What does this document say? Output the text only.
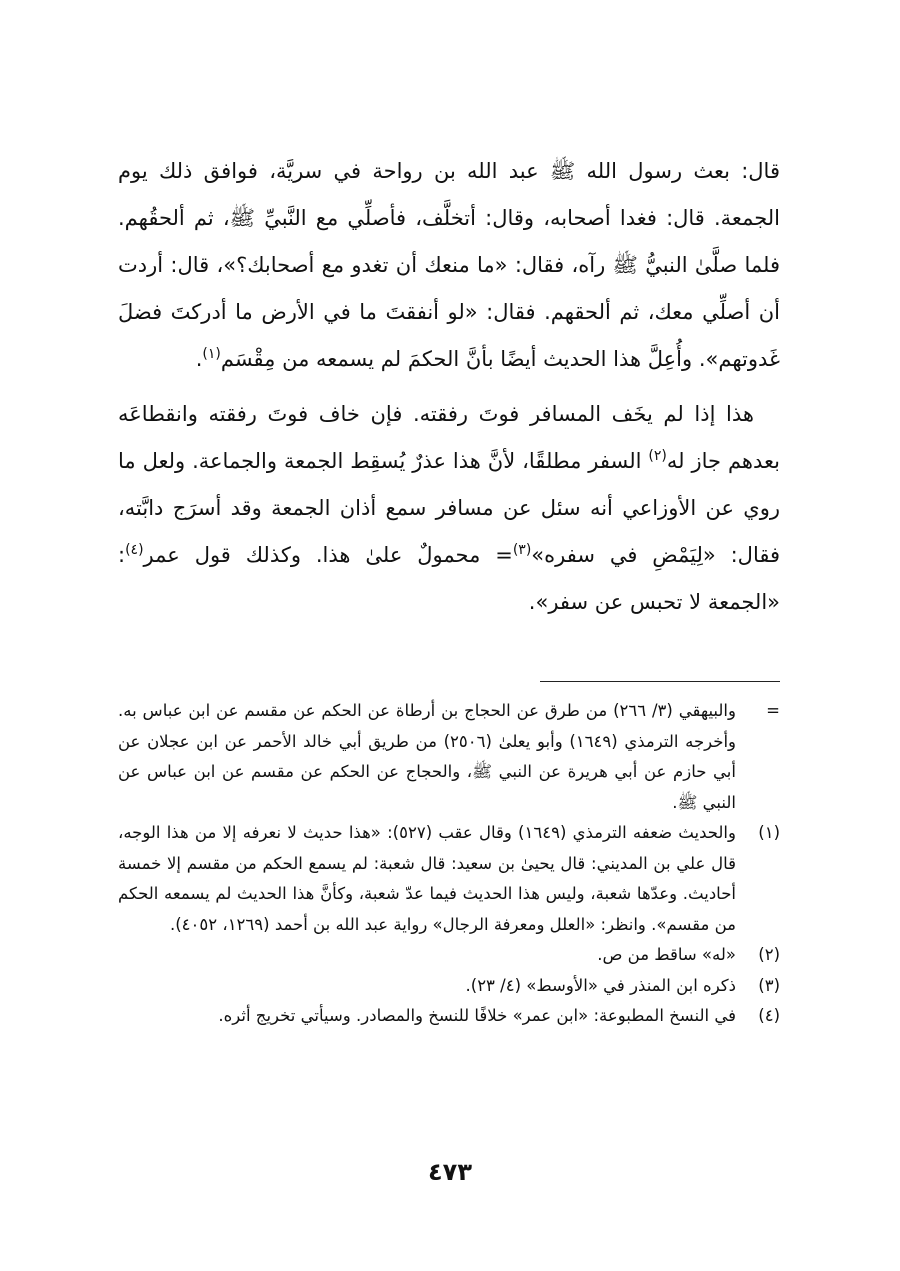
قال: بعث رسول الله ﷺ عبد الله بن رواحة في سريَّة، فوافق ذلك يوم الجمعة. قال: فغدا أصحابه، وقال: أتخلَّف، فأصلِّي مع النَّبيِّ ﷺ، ثم ألحقُهم. فلما صلَّىٰ النبيُّ ﷺ رآه، فقال: «ما منعك أن تغدو مع أصحابك؟»، قال: أردت أن أصلِّي معك، ثم ألحقهم. فقال: «لو أنفقتَ ما في الأرض ما أدركتَ فضلَ غَدوتهم». وأُعِلَّ هذا الحديث أيضًا بأنَّ الحكمَ لم يسمعه من مِقْسَم$^{(١)}$.

هذا إذا لم يخَف المسافر فوتَ رفقته. فإن خاف فوتَ رفقته وانقطاعَه بعدهم جاز له$^{(٢)}$ السفر مطلقًا، لأنَّ هذا عذرٌ يُسقِط الجمعة والجماعة. ولعل ما روي عن الأوزاعي أنه سئل عن مسافر سمع أذان الجمعة وقد أسرَج دابَّته، فقال: «لِيَمْضِ في سفره»$^{(٣)}$= محمولٌ علىٰ هذا. وكذلك قول عمر$^{(٤)}$: «الجمعة لا تحبس عن سفر».

=
والبيهقي (٣/ ٢٦٦) من طرق عن الحجاج بن أرطاة عن الحكم عن مقسم عن ابن عباس به. وأخرجه الترمذي (١٦٤٩) وأبو يعلىٰ (٢٥٠٦) من طريق أبي خالد الأحمر عن ابن عجلان عن أبي حازم عن أبي هريرة عن النبي ﷺ، والحجاج عن الحكم عن مقسم عن ابن عباس عن النبي ﷺ.
(١)
والحديث ضعفه الترمذي (١٦٤٩) وقال عقب (٥٢٧): «هذا حديث لا نعرفه إلا من هذا الوجه، قال علي بن المديني: قال يحيىٰ بن سعيد: قال شعبة: لم يسمع الحكم من مقسم إلا خمسة أحاديث. وعدّها شعبة، وليس هذا الحديث فيما عدّ شعبة، وكأنَّ هذا الحديث لم يسمعه الحكم من مقسم». وانظر: «العلل ومعرفة الرجال» رواية عبد الله بن أحمد (١٢٦٩، ٤٠٥٢).
(٢)
«له» ساقط من ص.
(٣)
ذكره ابن المنذر في «الأوسط» (٤/ ٢٣).
(٤)
في النسخ المطبوعة: «ابن عمر» خلافًا للنسخ والمصادر. وسيأتي تخريج أثره.
٤٧٣
